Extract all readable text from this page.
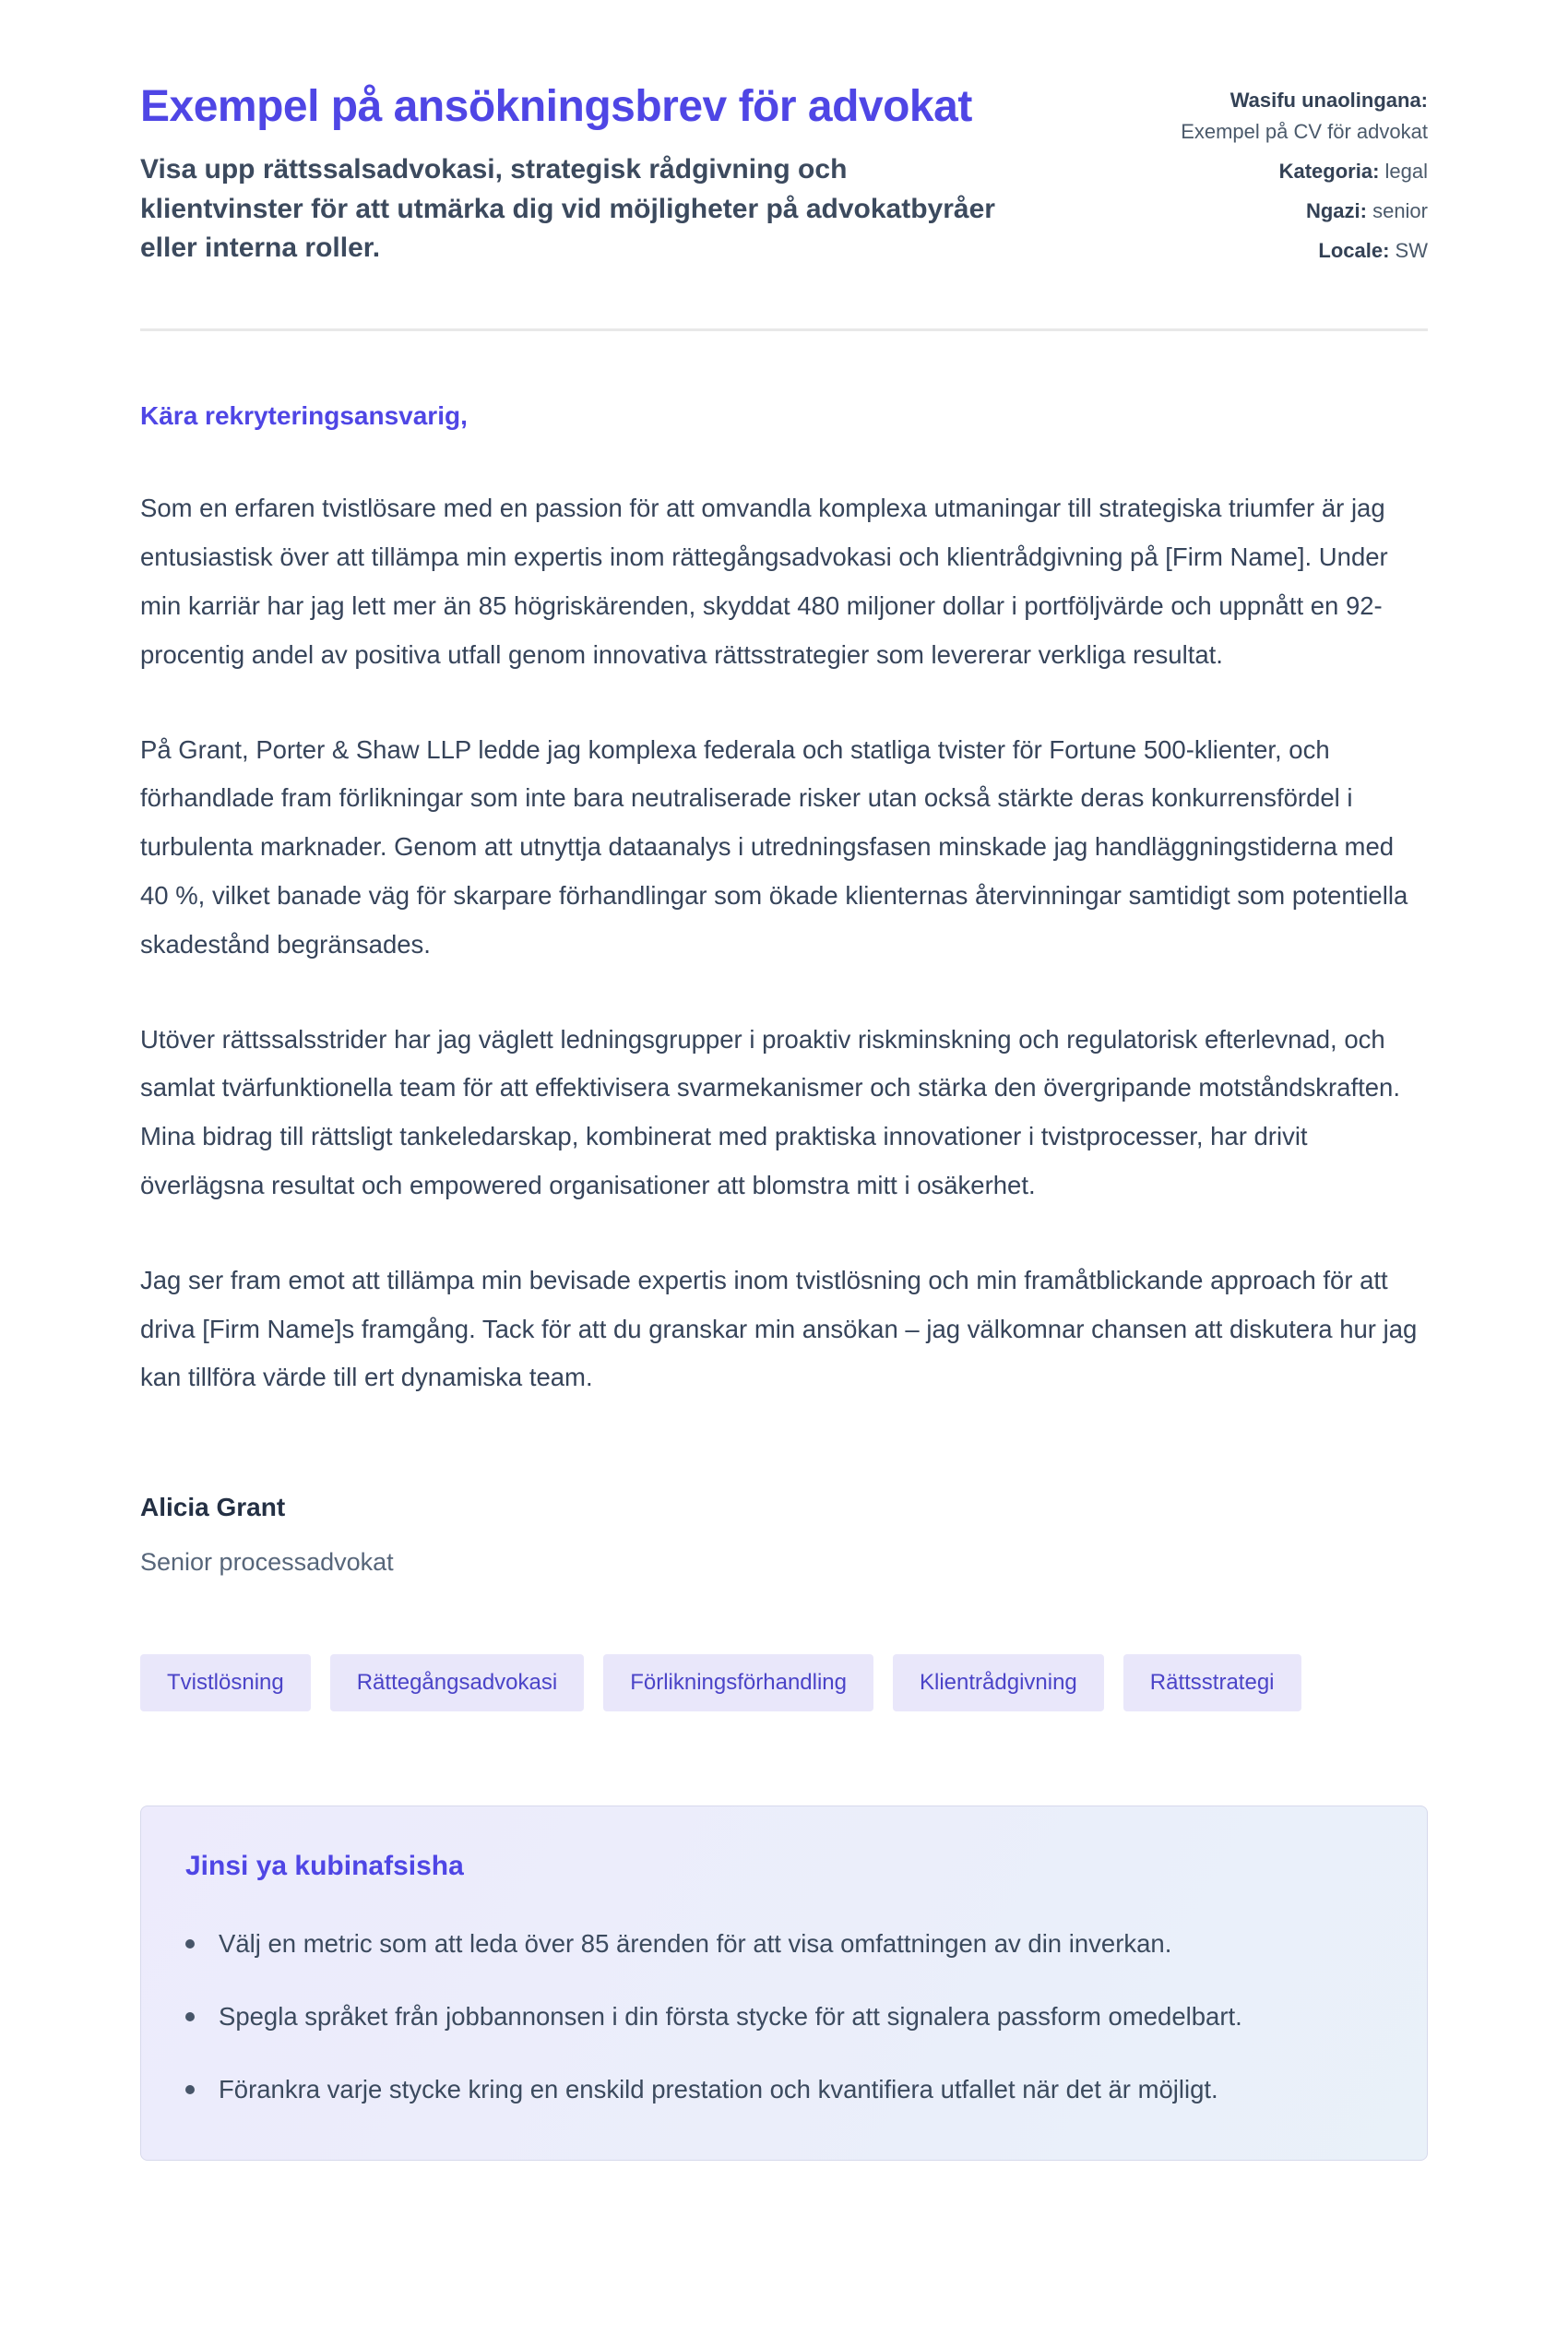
Exempel på ansökningsbrev för advokat

Visa upp rättssalsadvokasi, strategisk rådgivning och klientvinster för att utmärka dig vid möjligheter på advokatbyråer eller interna roller.

Wasifu unaolingana: Exempel på CV för advokat
Kategoria: legal
Ngazi: senior
Locale: SW

Kära rekryteringsansvarig,

Som en erfaren tvistlösare med en passion för att omvandla komplexa utmaningar till strategiska triumfer är jag entusiastisk över att tillämpa min expertis inom rättegångsadvokasi och klientrådgivning på [Firm Name]. Under min karriär har jag lett mer än 85 högriskärenden, skyddat 480 miljoner dollar i portföljvärde och uppnått en 92-procentig andel av positiva utfall genom innovativa rättsstrategier som levererar verkliga resultat.

På Grant, Porter & Shaw LLP ledde jag komplexa federala och statliga tvister för Fortune 500-klienter, och förhandlade fram förlikningar som inte bara neutraliserade risker utan också stärkte deras konkurrensfördel i turbulenta marknader. Genom att utnyttja dataanalys i utredningsfasen minskade jag handläggningstiderna med 40 %, vilket banade väg för skarpare förhandlingar som ökade klienternas återvinningar samtidigt som potentiella skadestånd begränsades.

Utöver rättssalsstrider har jag väglett ledningsgrupper i proaktiv riskminskning och regulatorisk efterlevnad, och samlat tvärfunktionella team för att effektivisera svarmekanismer och stärka den övergripande motståndskraften. Mina bidrag till rättsligt tankeledarskap, kombinerat med praktiska innovationer i tvistprocesser, har drivit överlägsna resultat och empowered organisationer att blomstra mitt i osäkerhet.

Jag ser fram emot att tillämpa min bevisade expertis inom tvistlösning och min framåtblickande approach för att driva [Firm Name]s framgång. Tack för att du granskar min ansökan – jag välkomnar chansen att diskutera hur jag kan tillföra värde till ert dynamiska team.

Alicia Grant

Senior processadvokat

Tvistlösning	Rättegångsadvokasi	Förlikningsförhandling	Klientrådgivning	Rättsstrategi
Jinsi ya kubinafsisha
Välj en metric som att leda över 85 ärenden för att visa omfattningen av din inverkan.
Spegla språket från jobbannonsen i din första stycke för att signalera passform omedelbart.
Förankra varje stycke kring en enskild prestation och kvantifiera utfallet när det är möjligt.
